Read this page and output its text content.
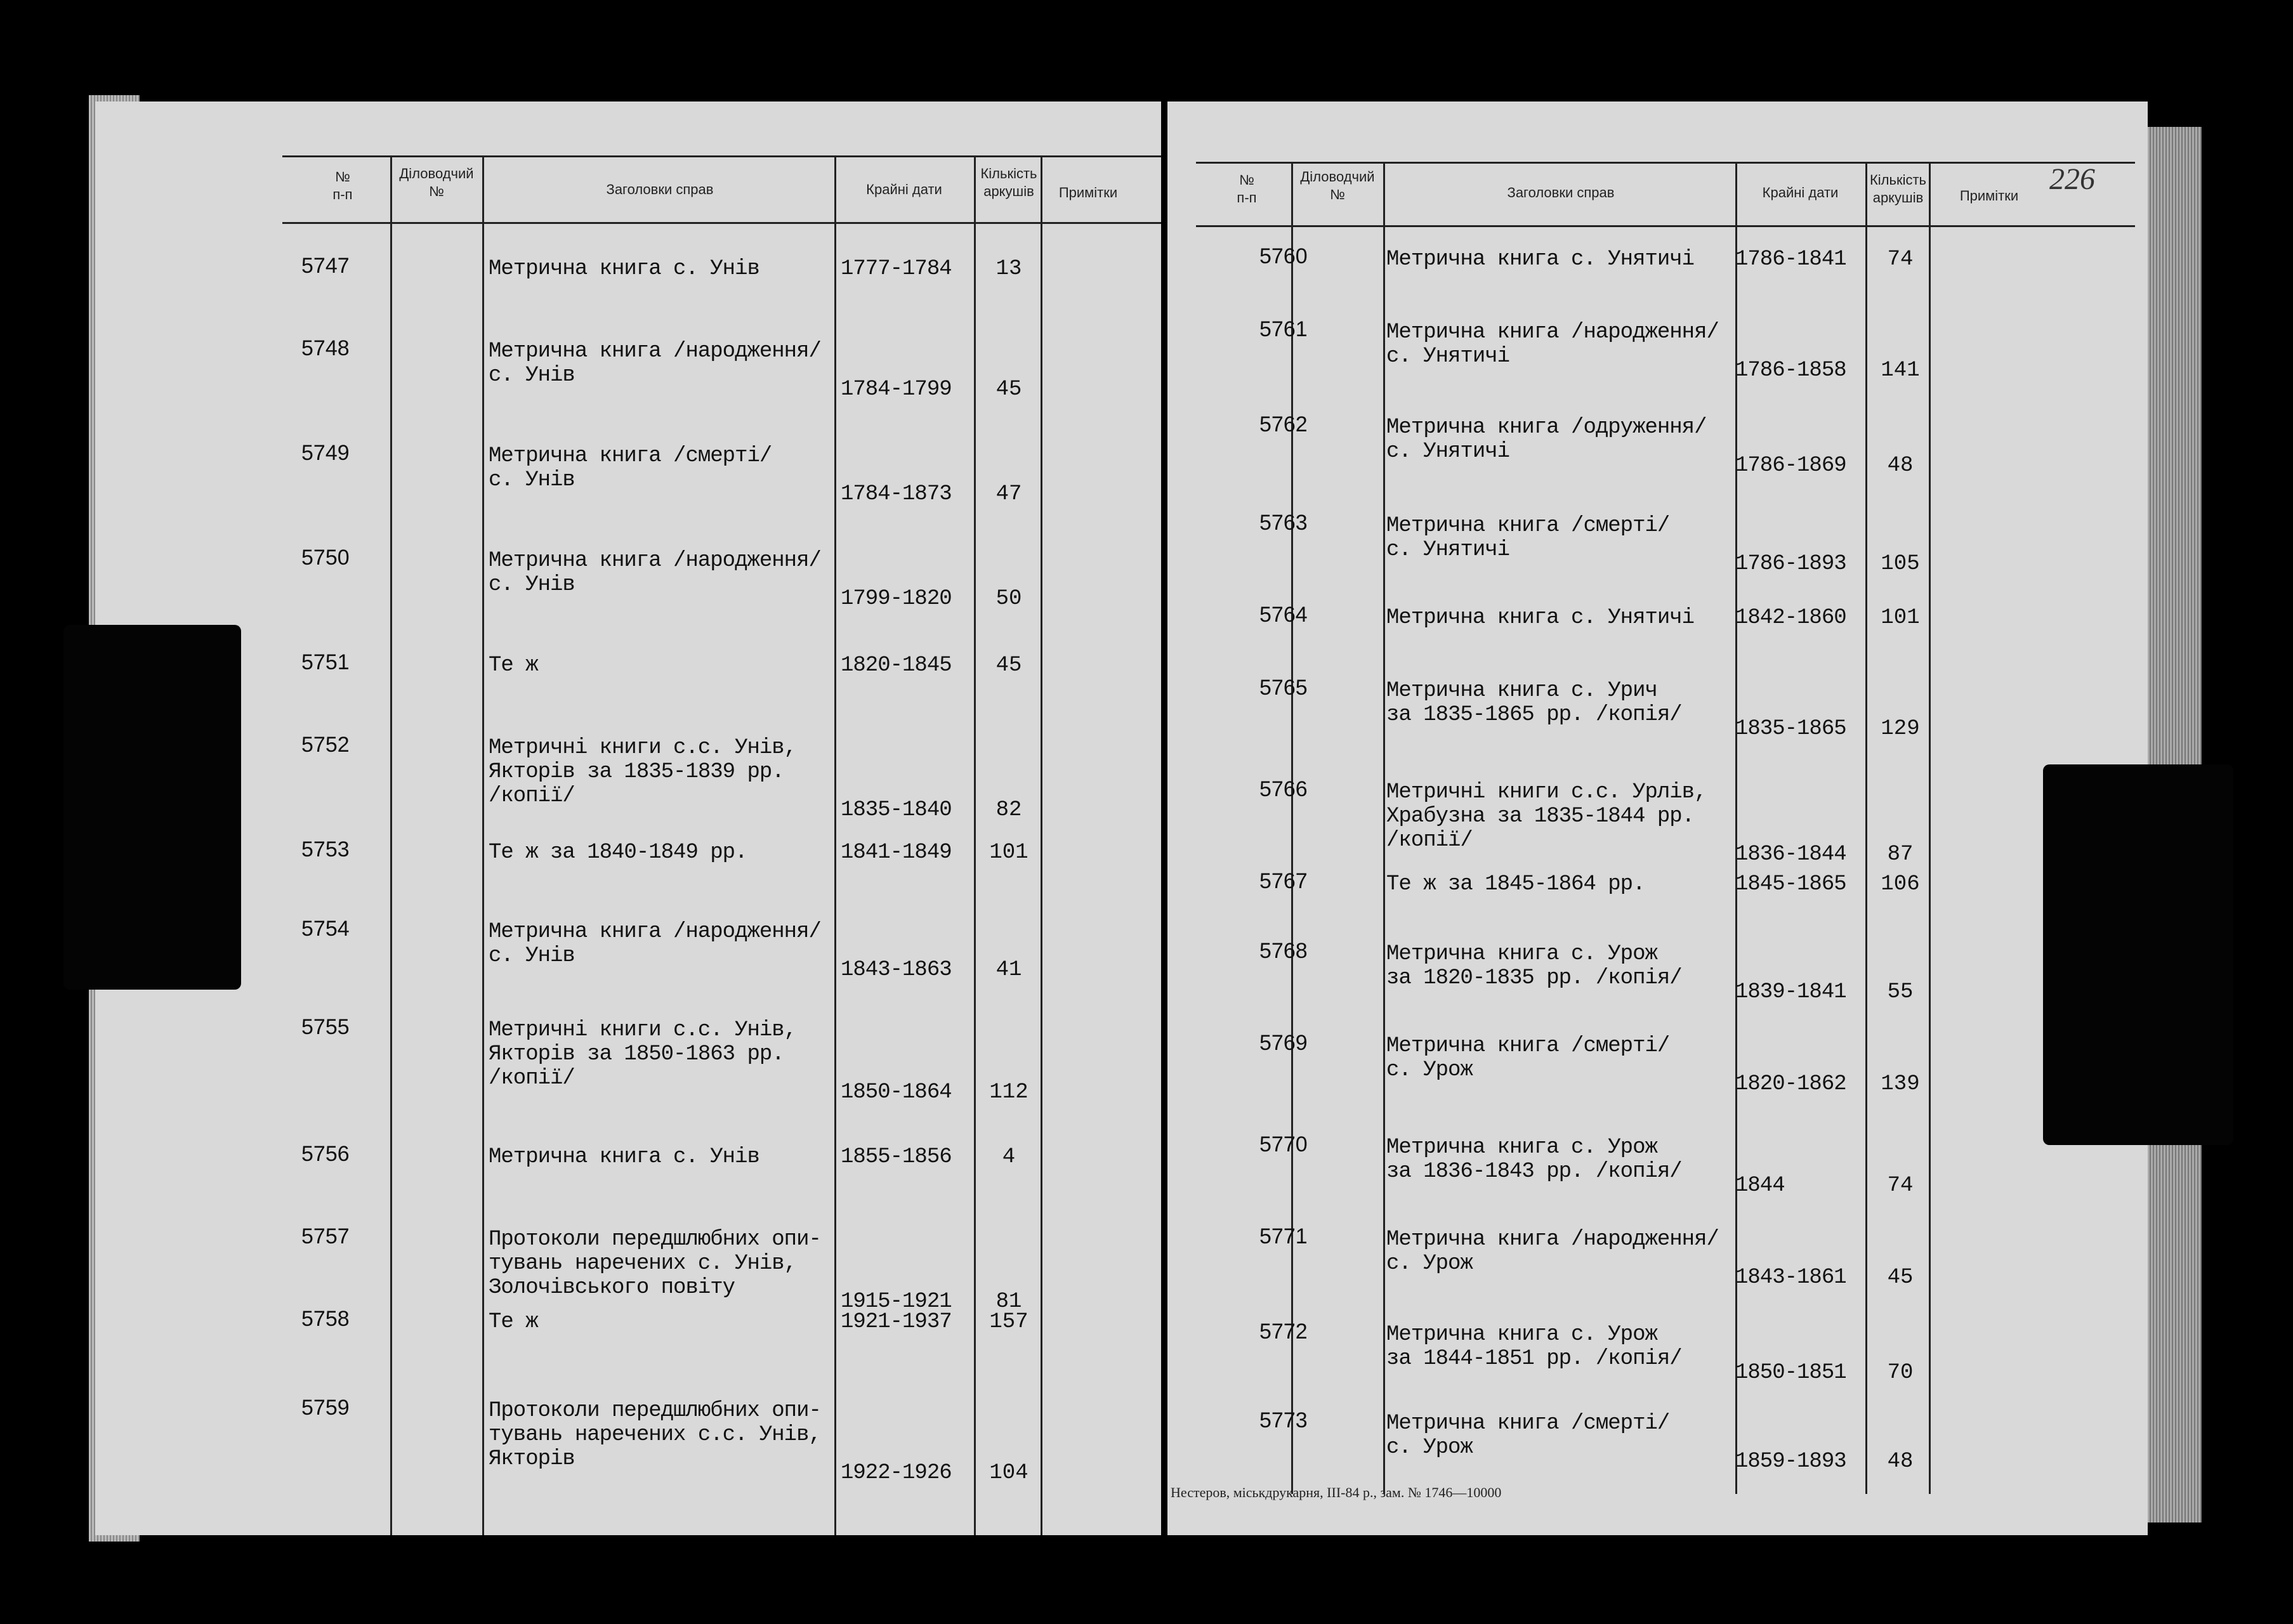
№
п-п
Діловодчий
№	Заголовки справ	Крайні дати
Кількість
аркушів	Примітки
5747	Метрична книга с. Унів	1777-1784	13
5748	Метрична книга /народження/
с. Унів
1784-1799	45
5749	Метрична книга /смерті/
с. Унів
1784-1873	47
5750	Метрична книга /народження/
с. Унів
1799-1820	50
5751	Те ж	1820-1845	45
5752	Метричні книги с.с. Унів,
Якторів за 1835-1839 рр.
/копії/
1835-1840	82
5753	Те ж за 1840-1849 рр.	1841-1849	101
5754	Метрична книга /народження/
с. Унів
1843-1863	41
5755	Метричні книги с.с. Унів,
Якторів за 1850-1863 рр.
/копії/
1850-1864	112
5756	Метрична книга с. Унів	1855-1856	4
5757	Протоколи передшлюбних опи-
тувань наречених с. Унів,
Золочівського повіту
1915-1921	81
5758	Те ж	1921-1937	157
5759	Протоколи передшлюбних опи-
тувань наречених с.с. Унів,
Якторів
1922-1926	104
№
п-п
Діловодчий
№	Заголовки справ	Крайні дати
Кількість
аркушів	Примітки	226
5760	Метрична книга с. Унятичі 1786-1841	74
5761	Метрична книга /народження/
с. Унятичі
1786-1858	141
5762	Метрична книга /одруження/
с. Унятичі
1786-1869	48
5763	Метрична книга /смерті/
с. Унятичі
1786-1893	105
5764	Метрична книга с. Унятичі 1842-1860	101
5765	Метрична книга с. Урич
за 1835-1865 рр. /копія/
1835-1865	129
5766	Метричні книги с.с. Урлів,
Храбузна за 1835-1844 рр.
/копії/
1836-1844	87
5767	Те ж за 1845-1864 рр.	1845-1865	106
5768	Метрична книга с. Урож
за 1820-1835 рр. /копія/
1839-1841	55
5769	Метрична книга /смерті/
с. Урож
1820-1862	139
5770	Метрична книга с. Урож
за 1836-1843 рр. /копія/
1844	74
5771	Метрична книга /народження/
с. Урож
1843-1861	45
5772	Метрична книга с. Урож
за 1844-1851 рр. /копія/
1850-1851	70
5773	Метрична книга /смерті/
с. Урож
1859-1893	48
Нестеров, міськдрукарня, III-84 р., зам. № 1746—10000
